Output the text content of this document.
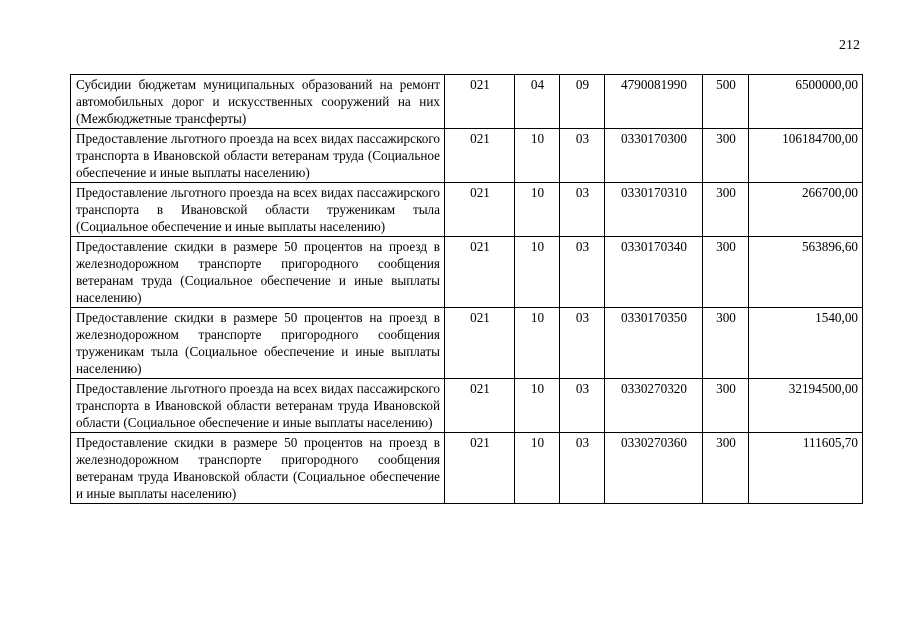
212
Субсидии бюджетам муниципальных образований на ремонт автомобильных дорог и искусственных сооружений на них (Межбюджетные трансферты)	021	04	09	4790081990	500	6500000,00
Предоставление льготного проезда на всех видах пассажирского транспорта в Ивановской области ветеранам труда (Социальное обеспечение и иные выплаты населению)	021	10	03	0330170300	300	106184700,00
Предоставление льготного проезда на всех видах пассажирского транспорта в Ивановской области труженикам тыла (Социальное обеспечение и иные выплаты населению)	021	10	03	0330170310	300	266700,00
Предоставление скидки в размере 50 процентов на проезд в железнодорожном транспорте пригородного сообщения ветеранам труда (Социальное обеспечение и иные выплаты населению)	021	10	03	0330170340	300	563896,60
Предоставление скидки в размере 50 процентов на проезд в железнодорожном транспорте пригородного сообщения труженикам тыла (Социальное обеспечение и иные выплаты населению)	021	10	03	0330170350	300	1540,00
Предоставление льготного проезда на всех видах пассажирского транспорта в Ивановской области ветеранам труда Ивановской области (Социальное обеспечение и иные выплаты населению)	021	10	03	0330270320	300	32194500,00
Предоставление скидки в размере 50 процентов на проезд в железнодорожном транспорте пригородного сообщения ветеранам труда Ивановской области (Социальное обеспечение и иные выплаты населению)	021	10	03	0330270360	300	111605,70
